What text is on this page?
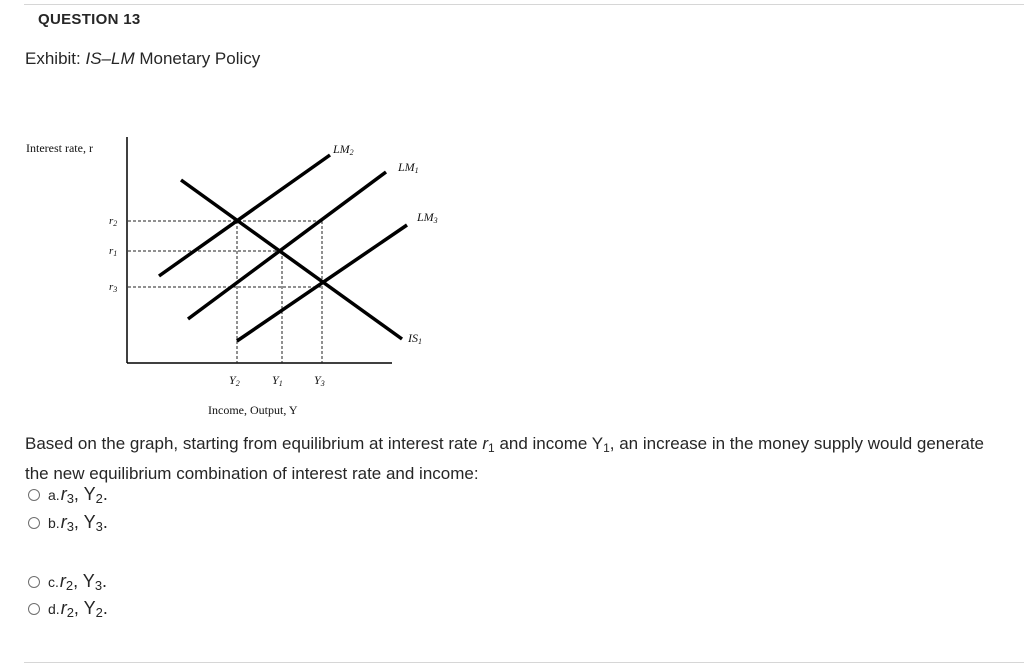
QUESTION 13
Exhibit: IS–LM Monetary Policy
Interest rate, r
Income, Output, Y
r2
r1
r3
Y2	Y1	Y3
LM2
LM1
LM3
IS1
Based on the graph, starting from equilibrium at interest rate $r_1$ and income $Y_1$, an increase in the money supply would generate the new equilibrium combination of interest rate and income:
a. $r_3$, $Y_2$.
b. $r_3$, $Y_3$.
c. $r_2$, $Y_3$.
d. $r_2$, $Y_2$.
